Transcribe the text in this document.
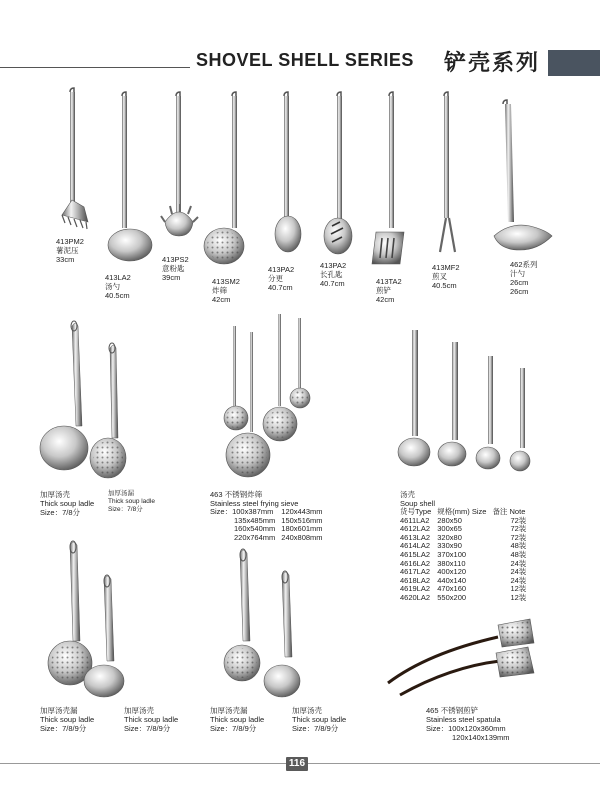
SHOVEL SHELL SERIES 铲壳系列
413PM2
薯泥压
33cm
413LA2
汤勺
40.5cm
413PS2
意粉匙
39cm	413SM2
炸筛
42cm
413PA2
分更
40.7cm
413PA2
长孔匙
40.7cm	413TA2
煎铲
42cm
413MF2
煎叉
40.5cm
462系列
汁勺
26cm
26cm
加厚汤壳
Thick soup ladle
Size：7/8分
加厚汤漏
Thick soup ladle
Size：7/8分
463 不锈钢炸筛
Stainless steel frying sieve
Size：100x387mm	120x443mm
135x485mm	150x516mm
160x540mm	180x601mm
220x764mm	240x808mm
汤壳
Soup shell
货号Type	规格(mm) Size	备注 Note
4611LA2	280x50	72装
4612LA2	300x65	72装
4613LA2	320x80	72装
4614LA2	330x90	48装
4615LA2	370x100	48装
4616LA2	380x110	24装
4617LA2	400x120	24装
4618LA2	440x140	24装
4619LA2	470x160	12装
4620LA2	550x200	12装
加厚汤壳漏
Thick soup ladle
Size：7/8/9分
加厚汤壳
Thick soup ladle
Size：7/8/9分
加厚汤壳漏
Thick soup ladle
Size：7/8/9分
加厚汤壳
Thick soup ladle
Size：7/8/9分
465 不锈钢煎铲
Stainless steel spatula
Size：100x120x360mm
120x140x139mm
116
